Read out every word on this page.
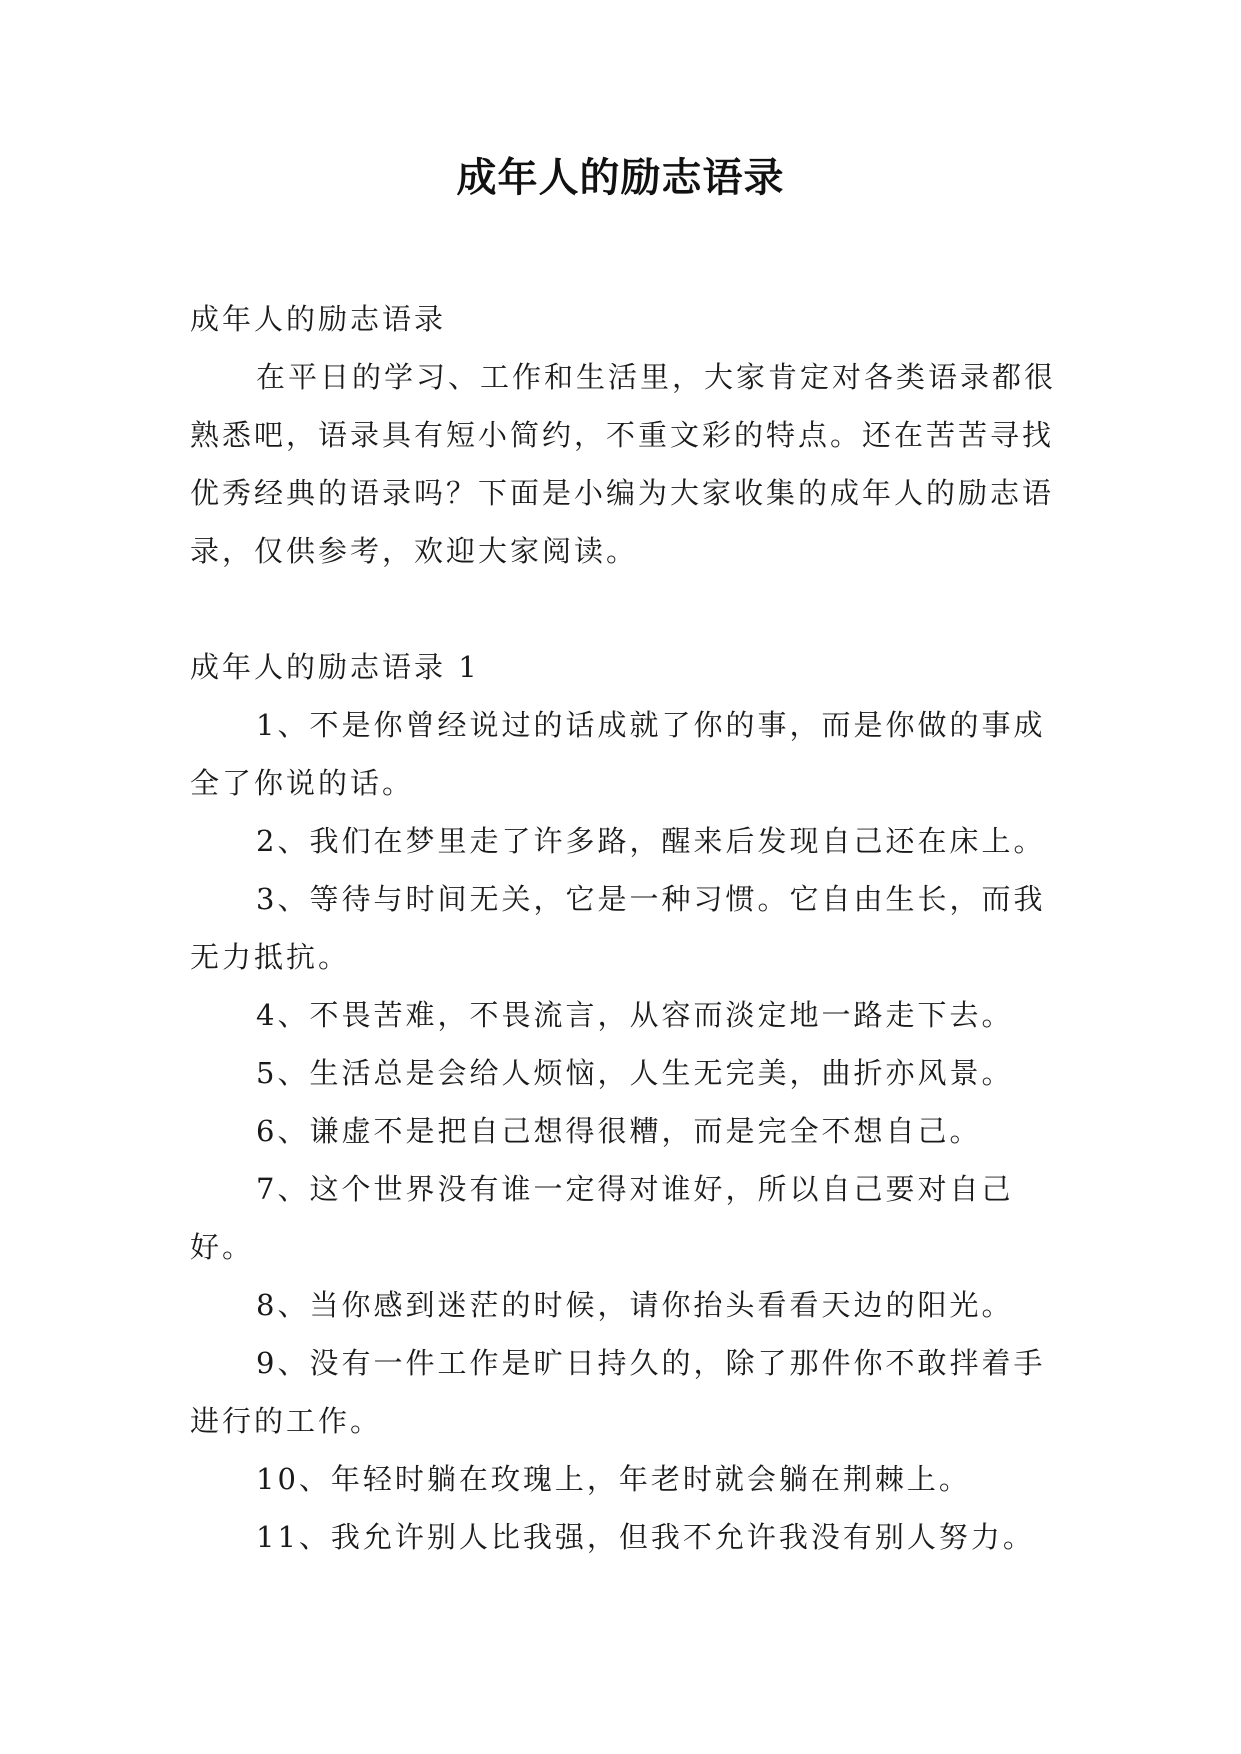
成年人的励志语录

成年人的励志语录

在平日的学习、工作和生活里，大家肯定对各类语录都很熟悉吧，语录具有短小简约，不重文彩的特点。还在苦苦寻找优秀经典的语录吗？下面是小编为大家收集的成年人的励志语录，仅供参考，欢迎大家阅读。

成年人的励志语录 1

1、不是你曾经说过的话成就了你的事，而是你做的事成全了你说的话。

2、我们在梦里走了许多路，醒来后发现自己还在床上。

3、等待与时间无关，它是一种习惯。它自由生长，而我无力抵抗。

4、不畏苦难，不畏流言，从容而淡定地一路走下去。

5、生活总是会给人烦恼，人生无完美，曲折亦风景。

6、谦虚不是把自己想得很糟，而是完全不想自己。

7、这个世界没有谁一定得对谁好，所以自己要对自己好。

8、当你感到迷茫的时候，请你抬头看看天边的阳光。

9、没有一件工作是旷日持久的，除了那件你不敢拌着手进行的工作。

10、年轻时躺在玫瑰上，年老时就会躺在荆棘上。

11、我允许别人比我强，但我不允许我没有别人努力。
